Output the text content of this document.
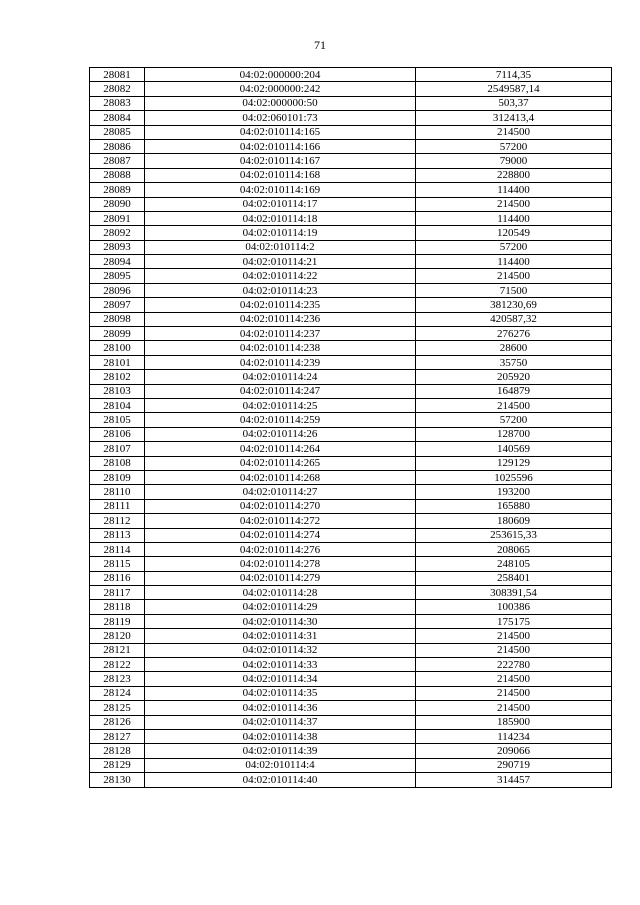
71
28081	04:02:000000:204	7114,35
28082	04:02:000000:242	2549587,14
28083	04:02:000000:50	503,37
28084	04:02:060101:73	312413,4
28085	04:02:010114:165	214500
28086	04:02:010114:166	57200
28087	04:02:010114:167	79000
28088	04:02:010114:168	228800
28089	04:02:010114:169	114400
28090	04:02:010114:17	214500
28091	04:02:010114:18	114400
28092	04:02:010114:19	120549
28093	04:02:010114:2	57200
28094	04:02:010114:21	114400
28095	04:02:010114:22	214500
28096	04:02:010114:23	71500
28097	04:02:010114:235	381230,69
28098	04:02:010114:236	420587,32
28099	04:02:010114:237	276276
28100	04:02:010114:238	28600
28101	04:02:010114:239	35750
28102	04:02:010114:24	205920
28103	04:02:010114:247	164879
28104	04:02:010114:25	214500
28105	04:02:010114:259	57200
28106	04:02:010114:26	128700
28107	04:02:010114:264	140569
28108	04:02:010114:265	129129
28109	04:02:010114:268	1025596
28110	04:02:010114:27	193200
28111	04:02:010114:270	165880
28112	04:02:010114:272	180609
28113	04:02:010114:274	253615,33
28114	04:02:010114:276	208065
28115	04:02:010114:278	248105
28116	04:02:010114:279	258401
28117	04:02:010114:28	308391,54
28118	04:02:010114:29	100386
28119	04:02:010114:30	175175
28120	04:02:010114:31	214500
28121	04:02:010114:32	214500
28122	04:02:010114:33	222780
28123	04:02:010114:34	214500
28124	04:02:010114:35	214500
28125	04:02:010114:36	214500
28126	04:02:010114:37	185900
28127	04:02:010114:38	114234
28128	04:02:010114:39	209066
28129	04:02:010114:4	290719
28130	04:02:010114:40	314457
